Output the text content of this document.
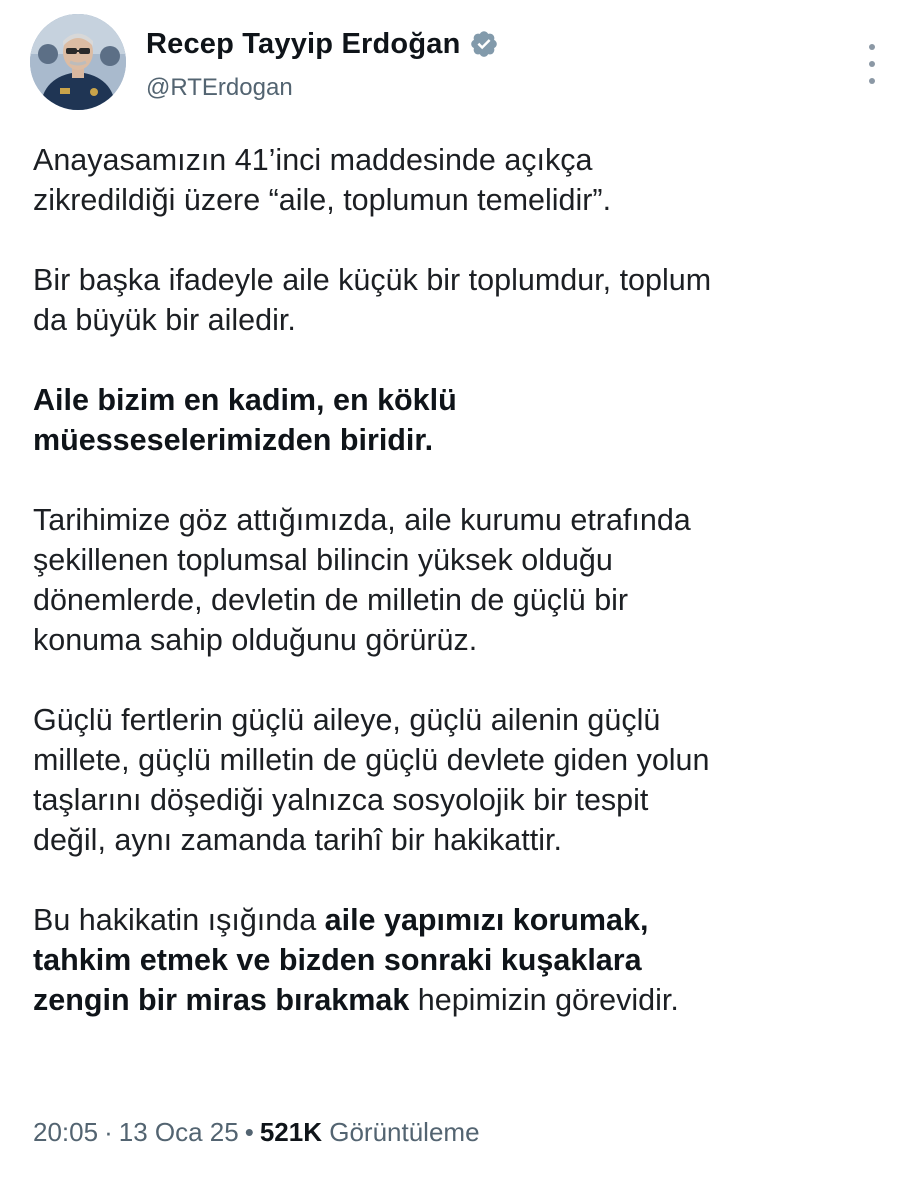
Recep Tayyip Erdoğan
@RTErdogan

Anayasamızın 41’inci maddesinde açıkça
zikredildiği üzere “aile, toplumun temelidir”.

Bir başka ifadeyle aile küçük bir toplumdur, toplum
da büyük bir ailedir.

Aile bizim en kadim, en köklü
müesseselerimizden biridir.

Tarihimize göz attığımızda, aile kurumu etrafında
şekillenen toplumsal bilincin yüksek olduğu
dönemlerde, devletin de milletin de güçlü bir
konuma sahip olduğunu görürüz.

Güçlü fertlerin güçlü aileye, güçlü ailenin güçlü
millete, güçlü milletin de güçlü devlete giden yolun
taşlarını döşediği yalnızca sosyolojik bir tespit
değil, aynı zamanda tarihî bir hakikattir.

Bu hakikatin ışığında aile yapımızı korumak,
tahkim etmek ve bizden sonraki kuşaklara
zengin bir miras bırakmak hepimizin görevidir.

20:05 · 13 Oca 25 • 521K Görüntüleme
